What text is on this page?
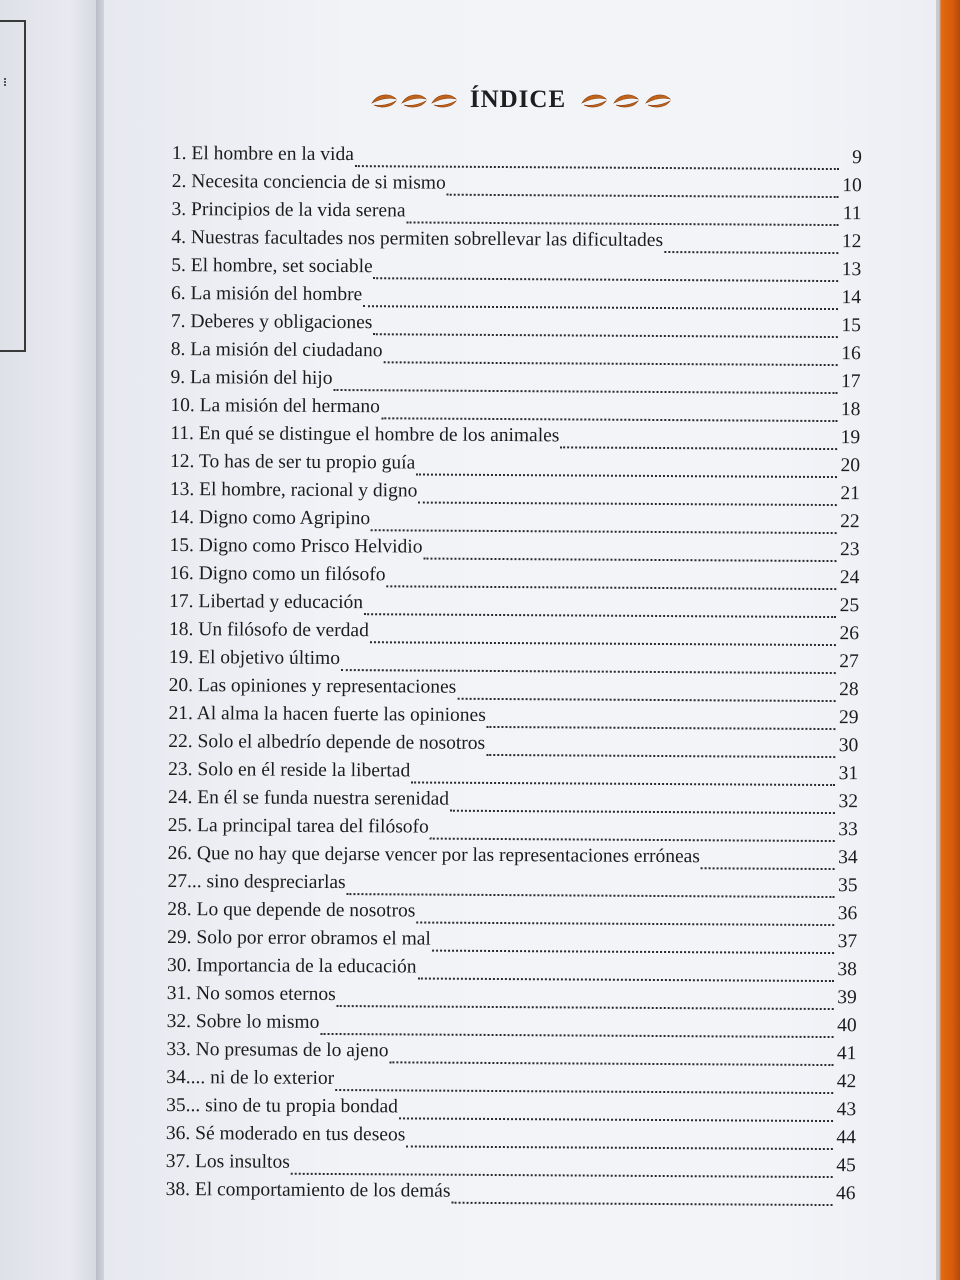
ÍNDICE
1. El hombre en la vida	9
2. Necesita conciencia de si mismo	10
3. Principios de la vida serena	11
4. Nuestras facultades nos permiten sobrellevar las dificultades	12
5. El hombre, set sociable	13
6. La misión del hombre	14
7. Deberes y obligaciones	15
8. La misión del ciudadano	16
9. La misión del hijo	17
10. La misión del hermano	18
11. En qué se distingue el hombre de los animales	19
12. To has de ser tu propio guía	20
13. El hombre, racional y digno	21
14. Digno como Agripino	22
15. Digno como Prisco Helvidio	23
16. Digno como un filósofo	24
17. Libertad y educación	25
18. Un filósofo de verdad	26
19. El objetivo último	27
20. Las opiniones y representaciones	28
21. Al alma la hacen fuerte las opiniones	29
22. Solo el albedrío depende de nosotros	30
23. Solo en él reside la libertad	31
24. En él se funda nuestra serenidad	32
25. La principal tarea del filósofo	33
26. Que no hay que dejarse vencer por las representaciones erróneas	34
27... sino despreciarlas	35
28. Lo que depende de nosotros	36
29. Solo por error obramos el mal	37
30. Importancia de la educación	38
31. No somos eternos	39
32. Sobre lo mismo	40
33. No presumas de lo ajeno	41
34.... ni de lo exterior	42
35... sino de tu propia bondad	43
36. Sé moderado en tus deseos	44
37. Los insultos	45
38. El comportamiento de los demás	46
